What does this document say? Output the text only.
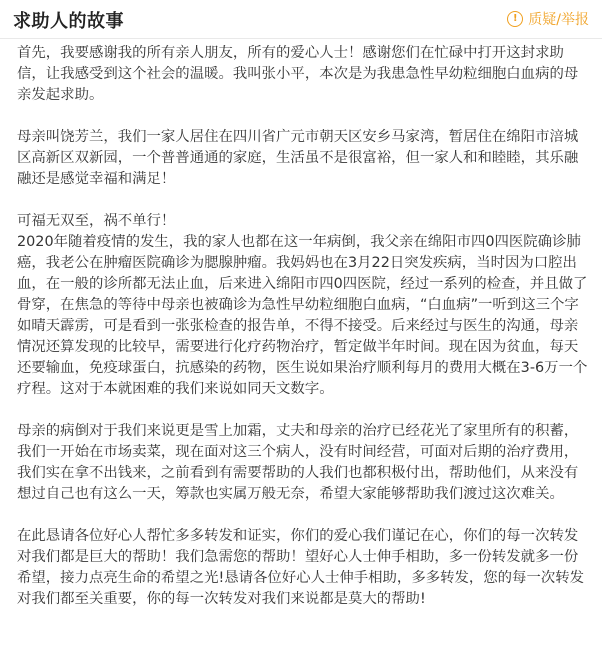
求助人的故事	! 质疑/举报

首先，我要感谢我的所有亲人朋友，所有的爱心人士！感谢您们在忙碌中打开这封求助信，让我感受到这个社会的温暖。我叫张小平，本次是为我患急性早幼粒细胞白血病的母亲发起求助。

母亲叫饶芳兰，我们一家人居住在四川省广元市朝天区安乡马家湾，暂居住在绵阳市涪城区高新区双新园，一个普普通通的家庭，生活虽不是很富裕，但一家人和和睦睦，其乐融融还是感觉幸福和满足！

可福无双至，祸不单行！
2020年随着疫情的发生，我的家人也都在这一年病倒，我父亲在绵阳市四0四医院确诊肺癌，我老公在肿瘤医院确诊为腮腺肿瘤。我妈妈也在3月22日突发疾病，当时因为口腔出血，在一般的诊所都无法止血，后来进入绵阳市四0四医院，经过一系列的检查，并且做了骨穿，在焦急的等待中母亲也被确诊为急性早幼粒细胞白血病，“白血病”一听到这三个字如晴天霹雳，可是看到一张张检查的报告单，不得不接受。后来经过与医生的沟通，母亲情况还算发现的比较早，需要进行化疗药物治疗，暂定做半年时间。现在因为贫血，每天还要输血，免疫球蛋白，抗感染的药物，医生说如果治疗顺利每月的费用大概在3-6万一个疗程。这对于本就困难的我们来说如同天文数字。

母亲的病倒对于我们来说更是雪上加霜，丈夫和母亲的治疗已经花光了家里所有的积蓄，我们一开始在市场卖菜，现在面对这三个病人，没有时间经营，可面对后期的治疗费用，我们实在拿不出钱来，之前看到有需要帮助的人我们也都积极付出，帮助他们，从来没有想过自己也有这么一天，筹款也实属万般无奈，希望大家能够帮助我们渡过这次难关。

在此恳请各位好心人帮忙多多转发和证实，你们的爱心我们谨记在心，你们的每一次转发对我们都是巨大的帮助！我们急需您的帮助！望好心人士伸手相助，多一份转发就多一份希望，接力点亮生命的希望之光!恳请各位好心人士伸手相助，多多转发，您的每一次转发对我们都至关重要，你的每一次转发对我们来说都是莫大的帮助!
